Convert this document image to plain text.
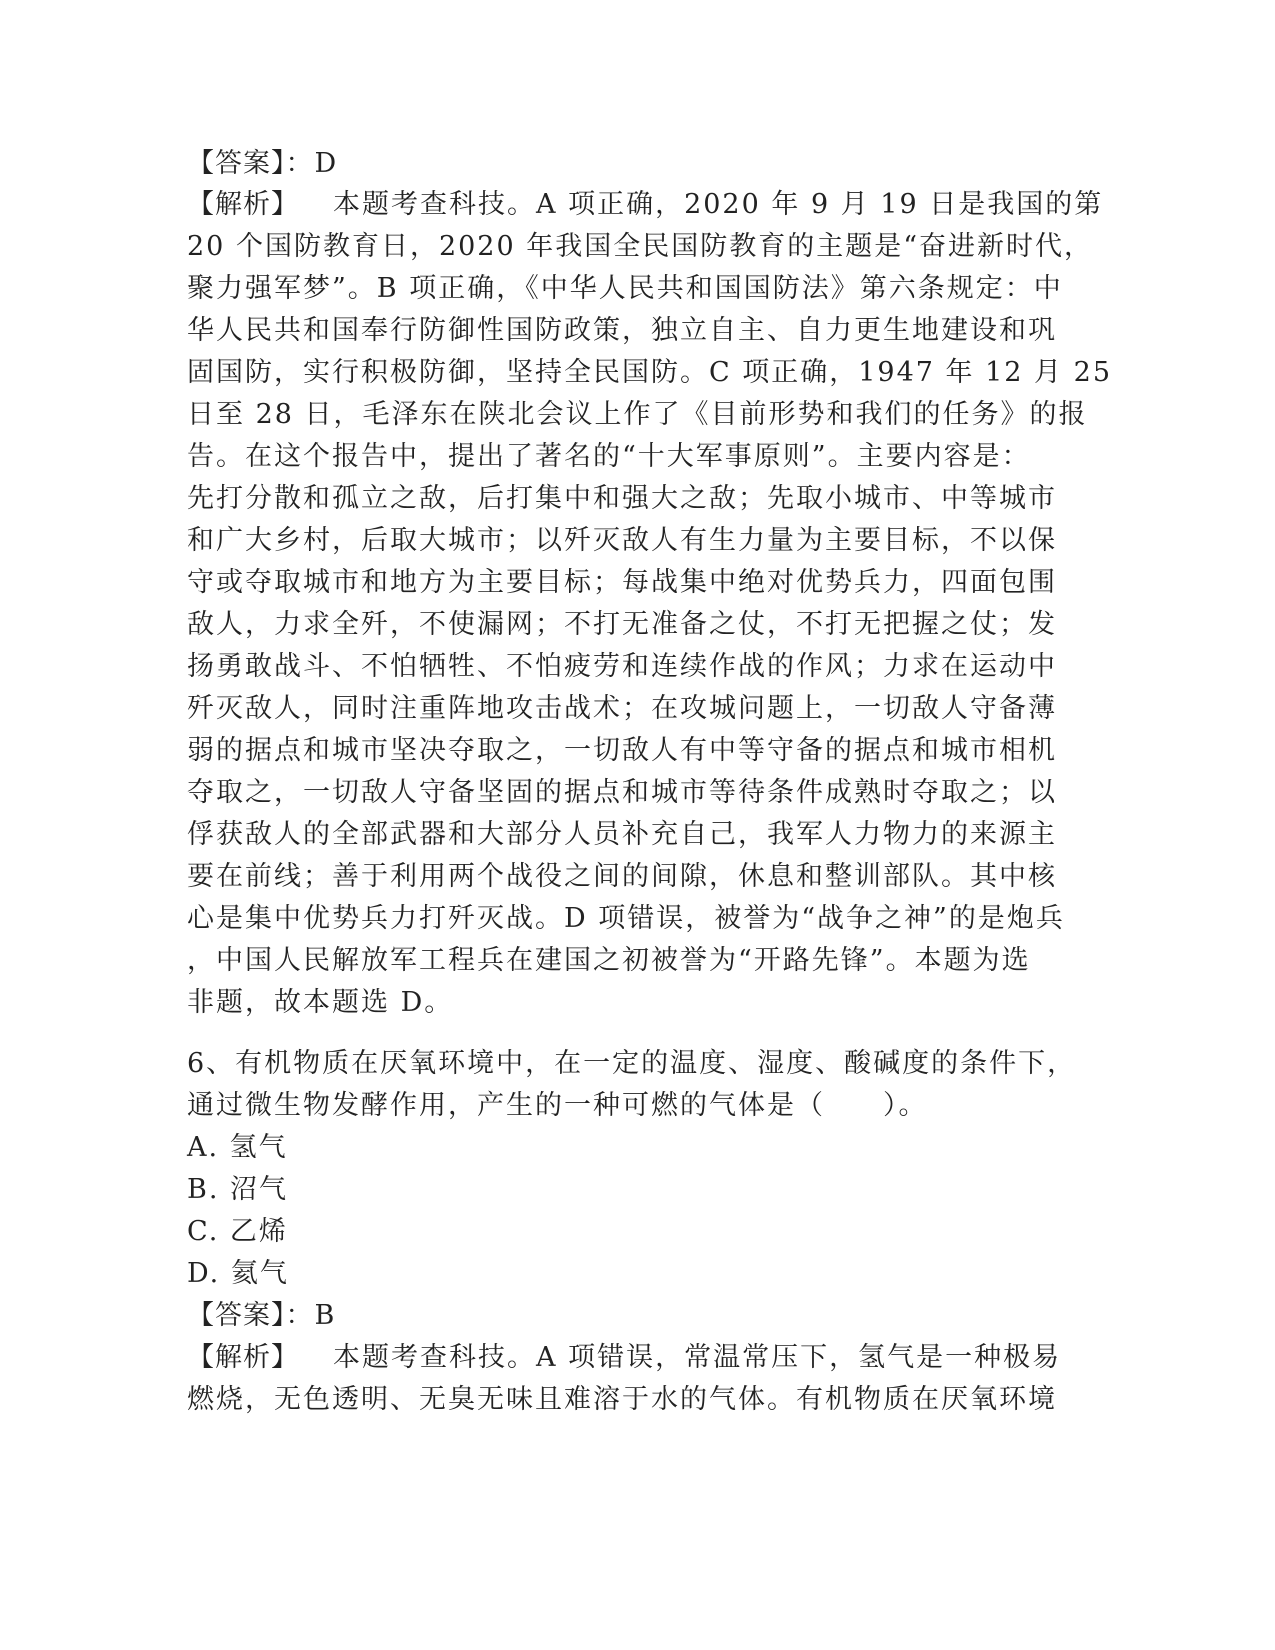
【答案】：D
【解析】 本题考查科技。A 项正确，2020 年 9 月 19 日是我国的第
20 个国防教育日，2020 年我国全民国防教育的主题是“奋进新时代，
聚力强军梦”。B 项正确，《中华人民共和国国防法》第六条规定：中
华人民共和国奉行防御性国防政策，独立自主、自力更生地建设和巩
固国防，实行积极防御，坚持全民国防。C 项正确，1947 年 12 月 25
日至 28 日，毛泽东在陕北会议上作了《目前形势和我们的任务》的报
告。在这个报告中，提出了著名的“十大军事原则”。主要内容是：
先打分散和孤立之敌，后打集中和强大之敌；先取小城市、中等城市
和广大乡村，后取大城市；以歼灭敌人有生力量为主要目标，不以保
守或夺取城市和地方为主要目标；每战集中绝对优势兵力，四面包围
敌人，力求全歼，不使漏网；不打无准备之仗，不打无把握之仗；发
扬勇敢战斗、不怕牺牲、不怕疲劳和连续作战的作风；力求在运动中
歼灭敌人，同时注重阵地攻击战术；在攻城问题上，一切敌人守备薄
弱的据点和城市坚决夺取之，一切敌人有中等守备的据点和城市相机
夺取之，一切敌人守备坚固的据点和城市等待条件成熟时夺取之；以
俘获敌人的全部武器和大部分人员补充自己，我军人力物力的来源主
要在前线；善于利用两个战役之间的间隙，休息和整训部队。其中核
心是集中优势兵力打歼灭战。D 项错误，被誉为“战争之神”的是炮兵
，中国人民解放军工程兵在建国之初被誉为“开路先锋”。本题为选
非题，故本题选 D。
6、有机物质在厌氧环境中，在一定的温度、湿度、酸碱度的条件下，
通过微生物发酵作用，产生的一种可燃的气体是（　　）。
A. 氢气
B. 沼气
C. 乙烯
D. 氦气
【答案】：B
【解析】 本题考查科技。A 项错误，常温常压下，氢气是一种极易
燃烧，无色透明、无臭无味且难溶于水的气体。有机物质在厌氧环境
